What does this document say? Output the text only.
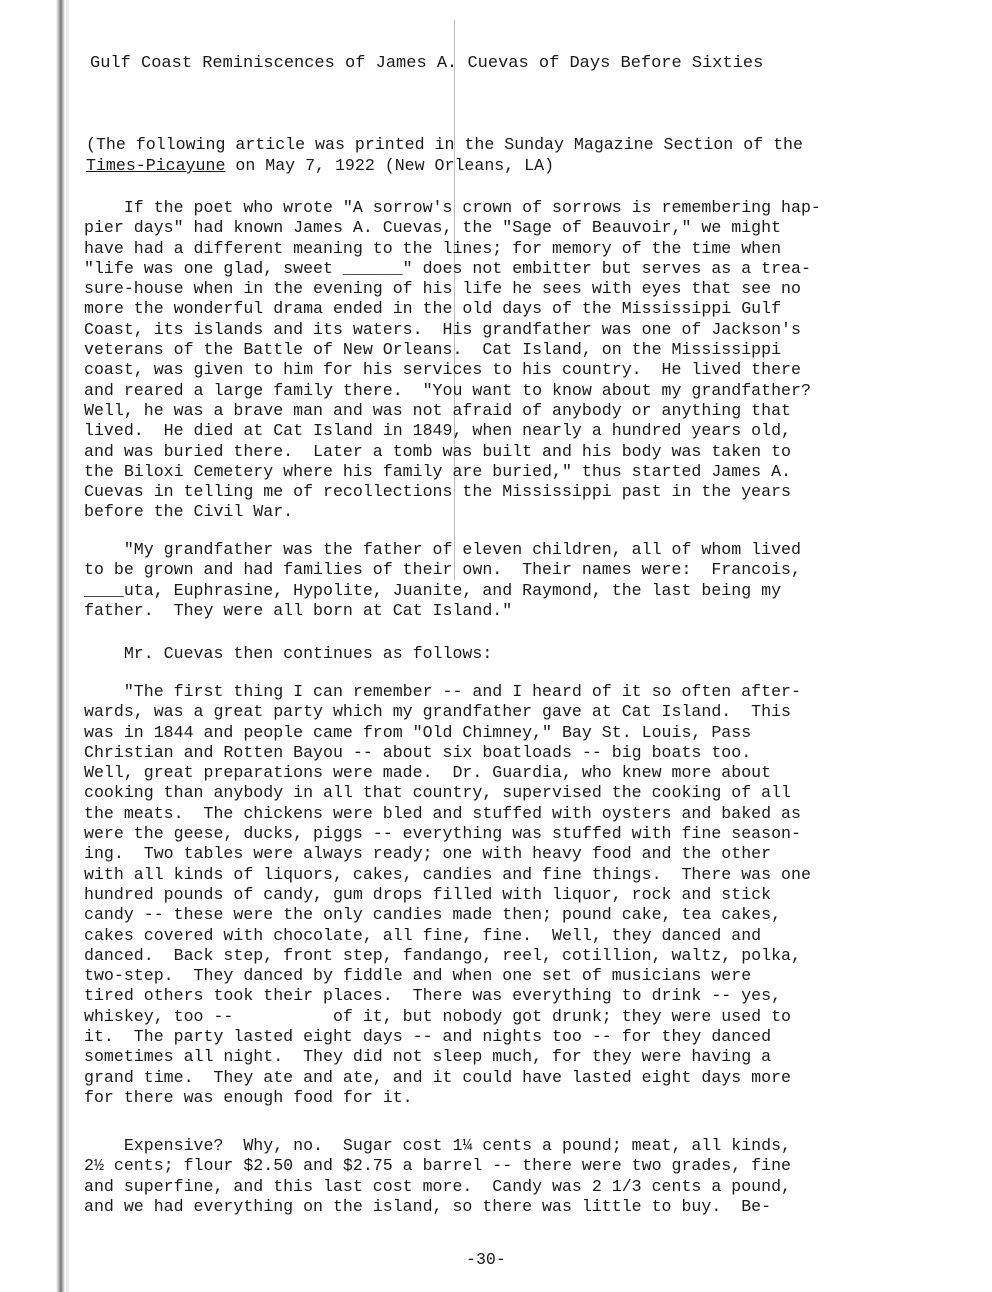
Gulf Coast Reminiscences of James A. Cuevas of Days Before Sixties
(The following article was printed in the Sunday Magazine Section of the
Times-Picayune on May 7, 1922 (New Orleans, LA)
If the poet who wrote "A sorrow's crown of sorrows is remembering hap-
pier days" had known James A. Cuevas, the "Sage of Beauvoir," we might
have had a different meaning to the lines; for memory of the time when
"life was one glad, sweet ______" does not embitter but serves as a trea-
sure-house when in the evening of his life he sees with eyes that see no
more the wonderful drama ended in the old days of the Mississippi Gulf
Coast, its islands and its waters.  His grandfather was one of Jackson's
veterans of the Battle of New Orleans.  Cat Island, on the Mississippi
coast, was given to him for his services to his country.  He lived there
and reared a large family there.  "You want to know about my grandfather?
Well, he was a brave man and was not afraid of anybody or anything that
lived.  He died at Cat Island in 1849, when nearly a hundred years old,
and was buried there.  Later a tomb was built and his body was taken to
the Biloxi Cemetery where his family are buried," thus started James A.
Cuevas in telling me of recollections the Mississippi past in the years
before the Civil War.
"My grandfather was the father of eleven children, all of whom lived
to be grown and had families of their own.  Their names were:  Francois,
____uta, Euphrasine, Hypolite, Juanite, and Raymond, the last being my
father.  They were all born at Cat Island."
Mr. Cuevas then continues as follows:
"The first thing I can remember -- and I heard of it so often after-
wards, was a great party which my grandfather gave at Cat Island.  This
was in 1844 and people came from "Old Chimney," Bay St. Louis, Pass
Christian and Rotten Bayou -- about six boatloads -- big boats too.
Well, great preparations were made.  Dr. Guardia, who knew more about
cooking than anybody in all that country, supervised the cooking of all
the meats.  The chickens were bled and stuffed with oysters and baked as
were the geese, ducks, piggs -- everything was stuffed with fine season-
ing.  Two tables were always ready; one with heavy food and the other
with all kinds of liquors, cakes, candies and fine things.  There was one
hundred pounds of candy, gum drops filled with liquor, rock and stick
candy -- these were the only candies made then; pound cake, tea cakes,
cakes covered with chocolate, all fine, fine.  Well, they danced and
danced.  Back step, front step, fandango, reel, cotillion, waltz, polka,
two-step.  They danced by fiddle and when one set of musicians were
tired others took their places.  There was everything to drink -- yes,
whiskey, too --          of it, but nobody got drunk; they were used to
it.  The party lasted eight days -- and nights too -- for they danced
sometimes all night.  They did not sleep much, for they were having a
grand time.  They ate and ate, and it could have lasted eight days more
for there was enough food for it.
Expensive?  Why, no.  Sugar cost 1¼ cents a pound; meat, all kinds,
2½ cents; flour $2.50 and $2.75 a barrel -- there were two grades, fine
and superfine, and this last cost more.  Candy was 2 1/3 cents a pound,
and we had everything on the island, so there was little to buy.  Be-
-30-
